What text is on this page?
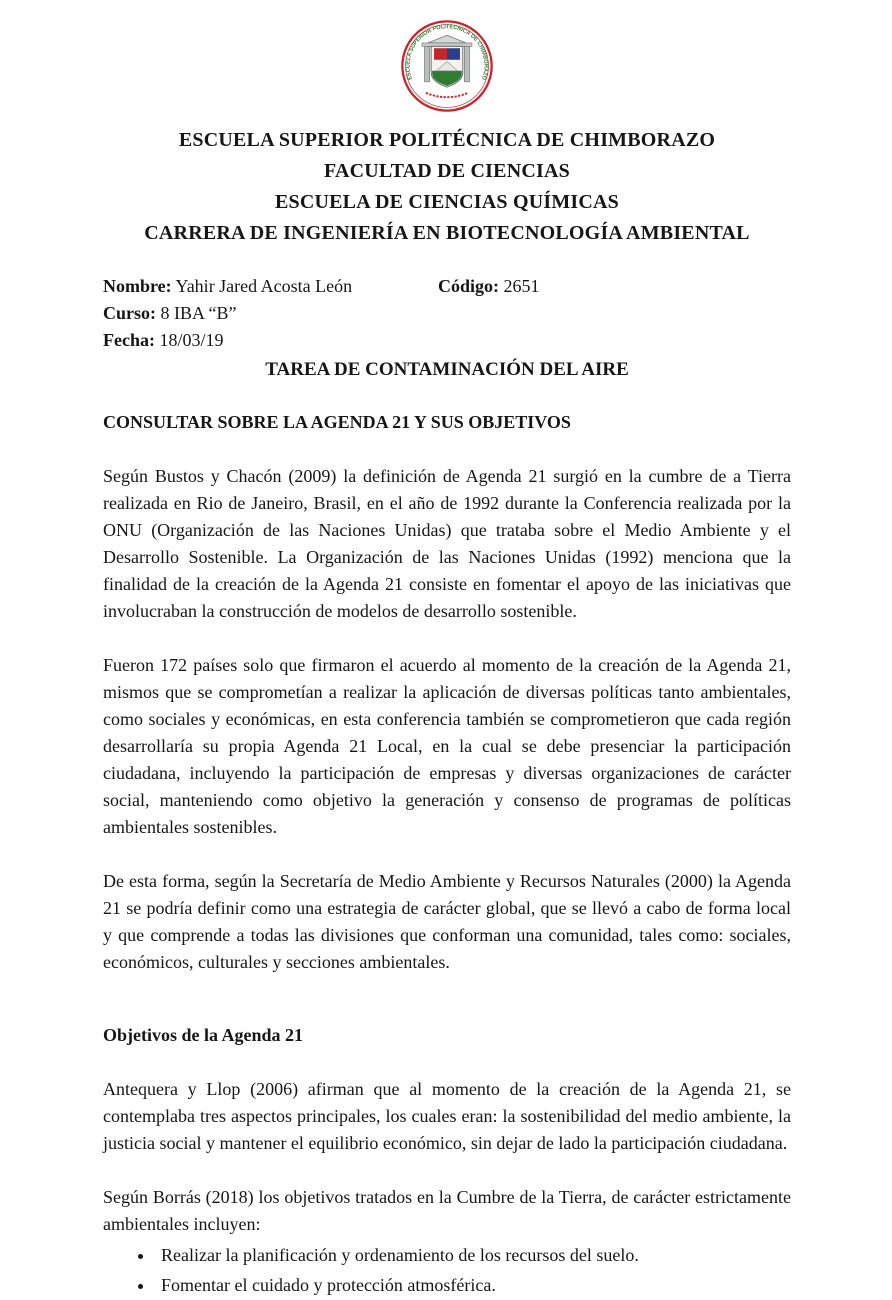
ESCUELA SUPERIOR POLITÉCNICA DE CHIMBORAZO
ESCUELA SUPERIOR POLITÉCNICA DE CHIMBORAZO
FACULTAD DE CIENCIAS
ESCUELA DE CIENCIAS QUÍMICAS
CARRERA DE INGENIERÍA EN BIOTECNOLOGÍA AMBIENTAL
Nombre: Yahir Jared Acosta León	Código: 2651
Curso: 8 IBA “B”
Fecha: 18/03/19
TAREA DE CONTAMINACIÓN DEL AIRE
CONSULTAR SOBRE LA AGENDA 21 Y SUS OBJETIVOS

Según Bustos y Chacón (2009) la definición de Agenda 21 surgió en la cumbre de a Tierra realizada en Rio de Janeiro, Brasil, en el año de 1992 durante la Conferencia realizada por la ONU (Organización de las Naciones Unidas) que trataba sobre el Medio Ambiente y el Desarrollo Sostenible. La Organización de las Naciones Unidas (1992) menciona que la finalidad de la creación de la Agenda 21 consiste en fomentar el apoyo de las iniciativas que involucraban la construcción de modelos de desarrollo sostenible.

Fueron 172 países solo que firmaron el acuerdo al momento de la creación de la Agenda 21, mismos que se comprometían a realizar la aplicación de diversas políticas tanto ambientales, como sociales y económicas, en esta conferencia también se comprometieron que cada región desarrollaría su propia Agenda 21 Local, en la cual se debe presenciar la participación ciudadana, incluyendo la participación de empresas y diversas organizaciones de carácter social, manteniendo como objetivo la generación y consenso de programas de políticas ambientales sostenibles.

De esta forma, según la Secretaría de Medio Ambiente y Recursos Naturales (2000) la Agenda 21 se podría definir como una estrategia de carácter global, que se llevó a cabo de forma local y que comprende a todas las divisiones que conforman una comunidad, tales como: sociales, económicos, culturales y secciones ambientales.

Objetivos de la Agenda 21

Antequera y Llop (2006) afirman que al momento de la creación de la Agenda 21, se contemplaba tres aspectos principales, los cuales eran: la sostenibilidad del medio ambiente, la justicia social y mantener el equilibrio económico, sin dejar de lado la participación ciudadana.

Según Borrás (2018) los objetivos tratados en la Cumbre de la Tierra, de carácter estrictamente ambientales incluyen:

• Realizar la planificación y ordenamiento de los recursos del suelo.
• Fomentar el cuidado y protección atmosférica.
